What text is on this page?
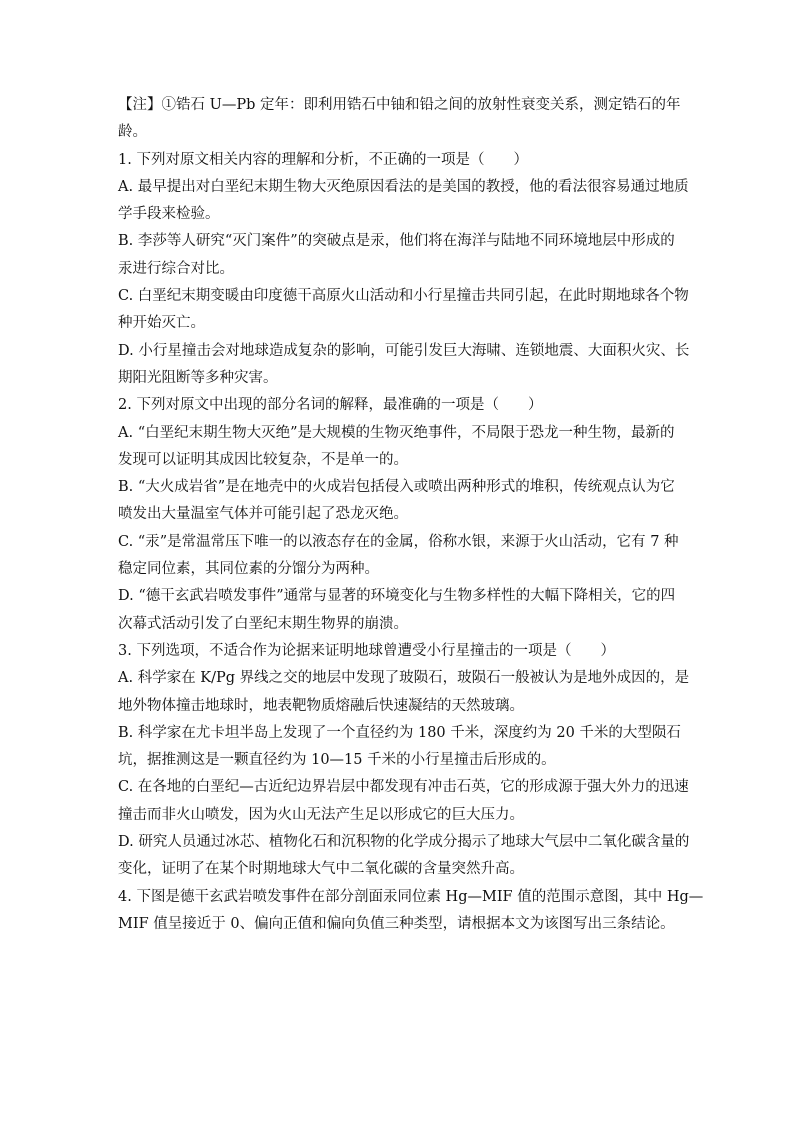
【注】①锆石 U—Pb 定年：即利用锆石中铀和铅之间的放射性衰变关系，测定锆石的年
龄。
1. 下列对原文相关内容的理解和分析，不正确的一项是（　　）
A. 最早提出对白垩纪末期生物大灭绝原因看法的是美国的教授，他的看法很容易通过地质
学手段来检验。
B. 李莎等人研究“灭门案件”的突破点是汞，他们将在海洋与陆地不同环境地层中形成的
汞进行综合对比。
C. 白垩纪末期变暖由印度德干高原火山活动和小行星撞击共同引起，在此时期地球各个物
种开始灭亡。
D. 小行星撞击会对地球造成复杂的影响，可能引发巨大海啸、连锁地震、大面积火灾、长
期阳光阻断等多种灾害。
2. 下列对原文中出现的部分名词的解释，最准确的一项是（　　）
A. “白垩纪末期生物大灭绝”是大规模的生物灭绝事件，不局限于恐龙一种生物，最新的
发现可以证明其成因比较复杂，不是单一的。
B. “大火成岩省”是在地壳中的火成岩包括侵入或喷出两种形式的堆积，传统观点认为它
喷发出大量温室气体并可能引起了恐龙灭绝。
C. “汞”是常温常压下唯一的以液态存在的金属，俗称水银，来源于火山活动，它有 7 种
稳定同位素，其同位素的分馏分为两种。
D. “德干玄武岩喷发事件”通常与显著的环境变化与生物多样性的大幅下降相关，它的四
次幕式活动引发了白垩纪末期生物界的崩溃。
3. 下列选项，不适合作为论据来证明地球曾遭受小行星撞击的一项是（　　）
A. 科学家在 K/Pg 界线之交的地层中发现了玻陨石，玻陨石一般被认为是地外成因的，是
地外物体撞击地球时，地表靶物质熔融后快速凝结的天然玻璃。
B. 科学家在尤卡坦半岛上发现了一个直径约为 180 千米，深度约为 20 千米的大型陨石
坑，据推测这是一颗直径约为 10—15 千米的小行星撞击后形成的。
C. 在各地的白垩纪—古近纪边界岩层中都发现有冲击石英，它的形成源于强大外力的迅速
撞击而非火山喷发，因为火山无法产生足以形成它的巨大压力。
D. 研究人员通过冰芯、植物化石和沉积物的化学成分揭示了地球大气层中二氧化碳含量的
变化，证明了在某个时期地球大气中二氧化碳的含量突然升高。
4. 下图是德干玄武岩喷发事件在部分剖面汞同位素 Hg—MIF 值的范围示意图，其中 Hg—
MIF 值呈接近于 0、偏向正值和偏向负值三种类型，请根据本文为该图写出三条结论。
